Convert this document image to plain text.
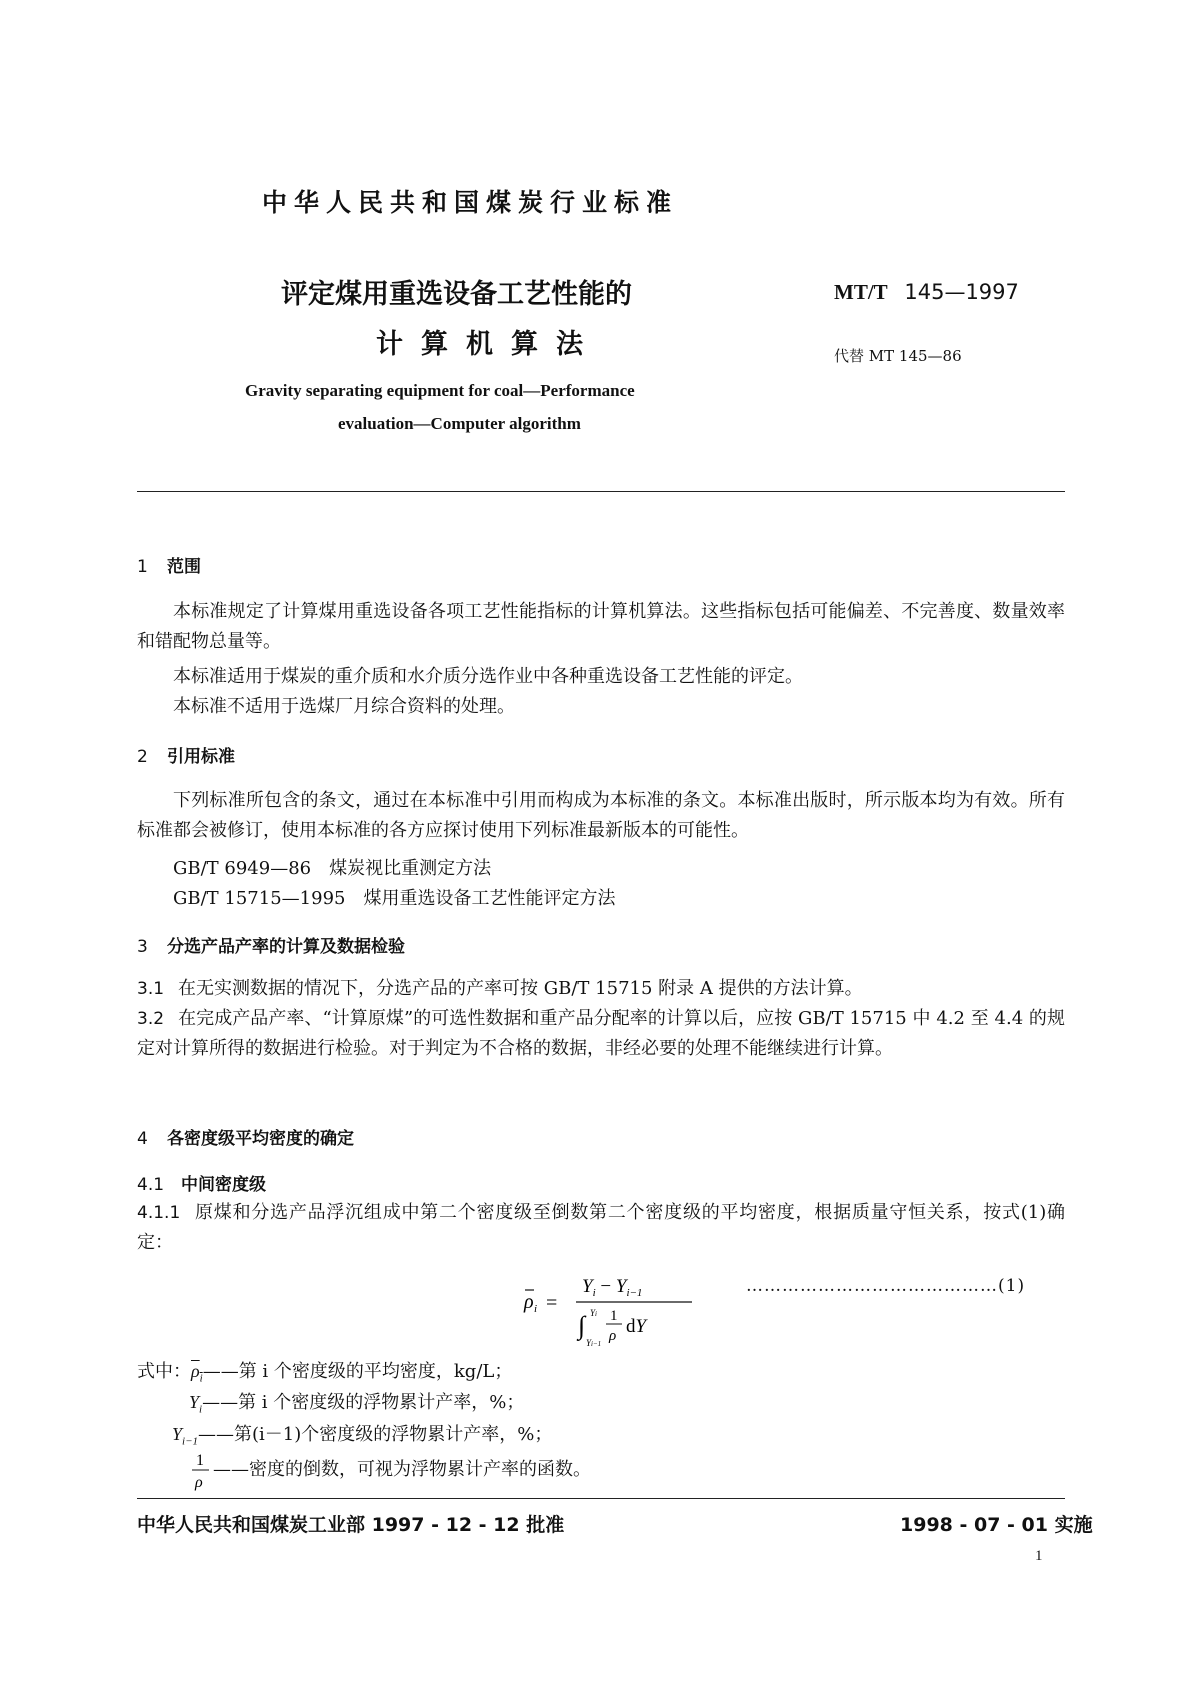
中华人民共和国煤炭行业标准
评定煤用重选设备工艺性能的
计算机算法
MT/T 145—1997
代替 MT 145—86
Gravity separating equipment for coal—Performance
evaluation—Computer algorithm
1 范围
本标准规定了计算煤用重选设备各项工艺性能指标的计算机算法。这些指标包括可能偏差、不完善度、数量效率和错配物总量等。
本标准适用于煤炭的重介质和水介质分选作业中各种重选设备工艺性能的评定。
本标准不适用于选煤厂月综合资料的处理。
2 引用标准
下列标准所包含的条文，通过在本标准中引用而构成为本标准的条文。本标准出版时，所示版本均为有效。所有标准都会被修订，使用本标准的各方应探讨使用下列标准最新版本的可能性。
GB/T 6949—86　煤炭视比重测定方法
GB/T 15715—1995　煤用重选设备工艺性能评定方法
3 分选产品产率的计算及数据检验
3.1 在无实测数据的情况下，分选产品的产率可按 GB/T 15715 附录 A 提供的方法计算。
3.2 在完成产品产率、“计算原煤”的可选性数据和重产品分配率的计算以后，应按 GB/T 15715 中 4.2 至 4.4 的规定对计算所得的数据进行检验。对于判定为不合格的数据，非经必要的处理不能继续进行计算。
4 各密度级平均密度的确定
4.1 中间密度级
4.1.1 原煤和分选产品浮沉组成中第二个密度级至倒数第二个密度级的平均密度，根据质量守恒关系，按式(1)确定：
ρ i =
$Y_i - Y_{i-1}$
∫ Yi
Yi−1
1
ρ dY
……………………………………(1)
式中：$\rho_i——$第 i 个密度级的平均密度，kg/L；
$Y_i——$第 i 个密度级的浮物累计产率，%；
$Y_{i-1}——$第(i－1)个密度级的浮物累计产率，%；
1
ρ
——密度的倒数，可视为浮物累计产率的函数。
中华人民共和国煤炭工业部 1997 - 12 - 12 批准	1998 - 07 - 01 实施
1
